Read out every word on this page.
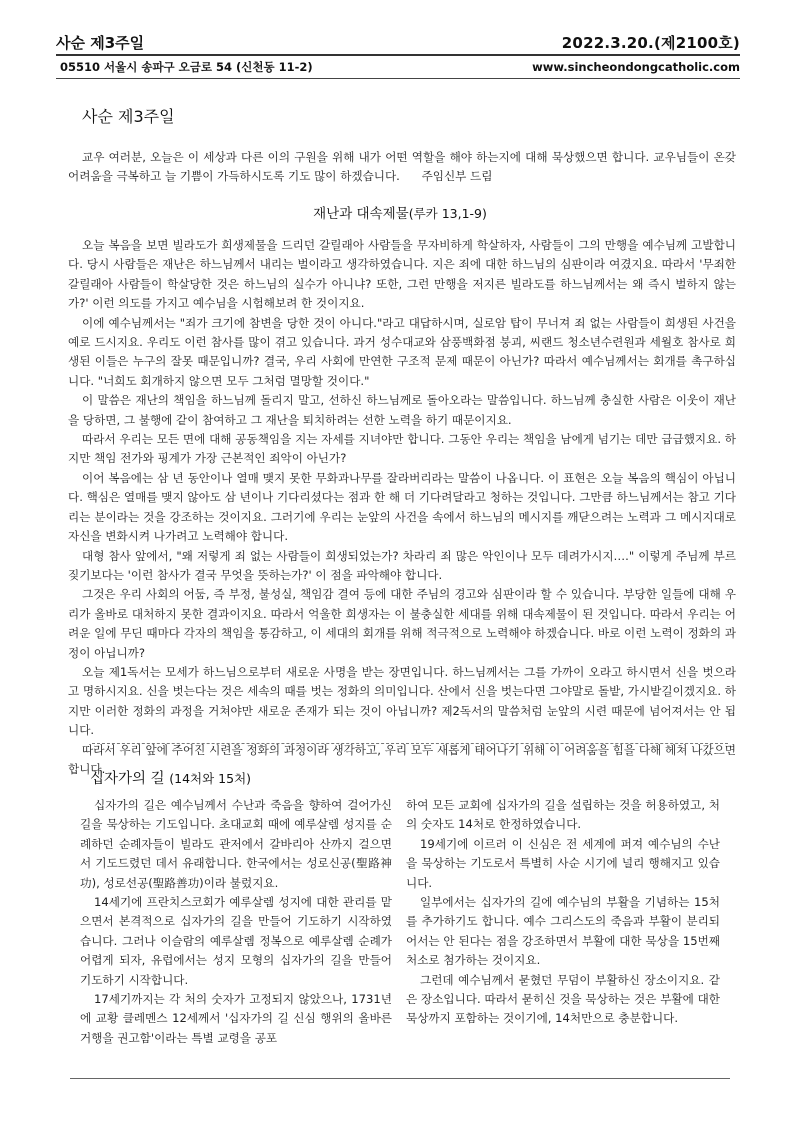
사순 제3주일	2022.3.20.(제2100호)
05510 서울시 송파구 오금로 54 (신천동 11-2)	www.sincheondongcatholic.com
사순 제3주일
교우 여러분, 오늘은 이 세상과 다른 이의 구원을 위해 내가 어떤 역할을 해야 하는지에 대해 묵상했으면 합니다. 교우님들이 온갖 어려움을 극복하고 늘 기쁨이 가득하시도록 기도 많이 하겠습니다. 주임신부 드림
재난과 대속제물(루카 13,1-9)

오늘 복음을 보면 빌라도가 희생제물을 드리던 갈릴래아 사람들을 무자비하게 학살하자, 사람들이 그의 만행을 예수님께 고발합니다. 당시 사람들은 재난은 하느님께서 내리는 벌이라고 생각하였습니다. 지은 죄에 대한 하느님의 심판이라 여겼지요. 따라서 '무죄한 갈릴래아 사람들이 학살당한 것은 하느님의 실수가 아니냐? 또한, 그런 만행을 저지른 빌라도를 하느님께서는 왜 즉시 벌하지 않는가?' 이런 의도를 가지고 예수님을 시험해보려 한 것이지요.

이에 예수님께서는 "죄가 크기에 참변을 당한 것이 아니다."라고 대답하시며, 실로암 탑이 무너져 죄 없는 사람들이 희생된 사건을 예로 드시지요. 우리도 이런 참사를 많이 겪고 있습니다. 과거 성수대교와 삼풍백화점 붕괴, 씨랜드 청소년수련원과 세월호 참사로 희생된 이들은 누구의 잘못 때문입니까? 결국, 우리 사회에 만연한 구조적 문제 때문이 아닌가? 따라서 예수님께서는 회개를 촉구하십니다. "너희도 회개하지 않으면 모두 그처럼 멸망할 것이다."

이 말씀은 재난의 책임을 하느님께 돌리지 말고, 선하신 하느님께로 돌아오라는 말씀입니다. 하느님께 충실한 사람은 이웃이 재난을 당하면, 그 불행에 같이 참여하고 그 재난을 퇴치하려는 선한 노력을 하기 때문이지요.

따라서 우리는 모든 면에 대해 공동책임을 지는 자세를 지녀야만 합니다. 그동안 우리는 책임을 남에게 넘기는 데만 급급했지요. 하지만 책임 전가와 핑계가 가장 근본적인 죄악이 아닌가?

이어 복음에는 삼 년 동안이나 열매 맺지 못한 무화과나무를 잘라버리라는 말씀이 나옵니다. 이 표현은 오늘 복음의 핵심이 아닙니다. 핵심은 열매를 맺지 않아도 삼 년이나 기다리셨다는 점과 한 해 더 기다려달라고 청하는 것입니다. 그만큼 하느님께서는 참고 기다리는 분이라는 것을 강조하는 것이지요. 그러기에 우리는 눈앞의 사건을 속에서 하느님의 메시지를 깨닫으려는 노력과 그 메시지대로 자신을 변화시켜 나가려고 노력해야 합니다.

대형 참사 앞에서, "왜 저렇게 죄 없는 사람들이 희생되었는가? 차라리 죄 많은 악인이나 모두 데려가시지…." 이렇게 주님께 부르짖기보다는 '이런 참사가 결국 무엇을 뜻하는가?' 이 점을 파악해야 합니다.

그것은 우리 사회의 어둠, 즉 부정, 불성실, 책임감 결여 등에 대한 주님의 경고와 심판이라 할 수 있습니다. 부당한 일들에 대해 우리가 올바로 대처하지 못한 결과이지요. 따라서 억울한 희생자는 이 불충실한 세대를 위해 대속제물이 된 것입니다. 따라서 우리는 어려운 일에 무딘 때마다 각자의 책임을 통감하고, 이 세대의 회개를 위해 적극적으로 노력해야 하겠습니다. 바로 이런 노력이 정화의 과정이 아닙니까?

오늘 제1독서는 모세가 하느님으로부터 새로운 사명을 받는 장면입니다. 하느님께서는 그를 가까이 오라고 하시면서 신을 벗으라고 명하시지요. 신을 벗는다는 것은 세속의 때를 벗는 정화의 의미입니다. 산에서 신을 벗는다면 그야말로 돌밭, 가시밭길이겠지요. 하지만 이러한 정화의 과정을 거쳐야만 새로운 존재가 되는 것이 아닙니까? 제2독서의 말씀처럼 눈앞의 시련 때문에 넘어져서는 안 됩니다.

따라서 우리 앞에 주어진 시련을 정화의 과정이라 생각하고, 우리 모두 새롭게 태어나기 위해 이 어려움을 힘을 다해 헤쳐 나갔으면 합니다.

십자가의 길 (14처와 15처)

십자가의 길은 예수님께서 수난과 죽음을 향하여 걸어가신 길을 묵상하는 기도입니다. 초대교회 때에 예루살렘 성지를 순례하던 순례자들이 빌라도 관저에서 갈바리아 산까지 걸으면서 기도드렸던 데서 유래합니다. 한국에서는 성로신공(聖路神功), 성로선공(聖路善功)이라 불렀지요.

14세기에 프란치스코회가 예루살렘 성지에 대한 관리를 맡으면서 본격적으로 십자가의 길을 만들어 기도하기 시작하였습니다. 그러나 이슬람의 예루살렘 정복으로 예루살렘 순례가 어렵게 되자, 유럽에서는 성지 모형의 십자가의 길을 만들어 기도하기 시작합니다.

17세기까지는 각 처의 숫자가 고정되지 않았으나, 1731년에 교황 클레멘스 12세께서 '십자가의 길 신심 행위의 올바른 거행을 권고함'이라는 특별 교령을 공포

하여 모든 교회에 십자가의 길을 설립하는 것을 허용하였고, 처의 숫자도 14처로 한정하였습니다.

19세기에 이르러 이 신심은 전 세계에 퍼져 예수님의 수난을 묵상하는 기도로서 특별히 사순 시기에 널리 행해지고 있습니다.

일부에서는 십자가의 길에 예수님의 부활을 기념하는 15처를 추가하기도 합니다. 예수 그리스도의 죽음과 부활이 분리되어서는 안 된다는 점을 강조하면서 부활에 대한 묵상을 15번째 처소로 첨가하는 것이지요.

그런데 예수님께서 묻혔던 무덤이 부활하신 장소이지요. 같은 장소입니다. 따라서 묻히신 것을 묵상하는 것은 부활에 대한 묵상까지 포함하는 것이기에, 14처만으로 충분합니다.
